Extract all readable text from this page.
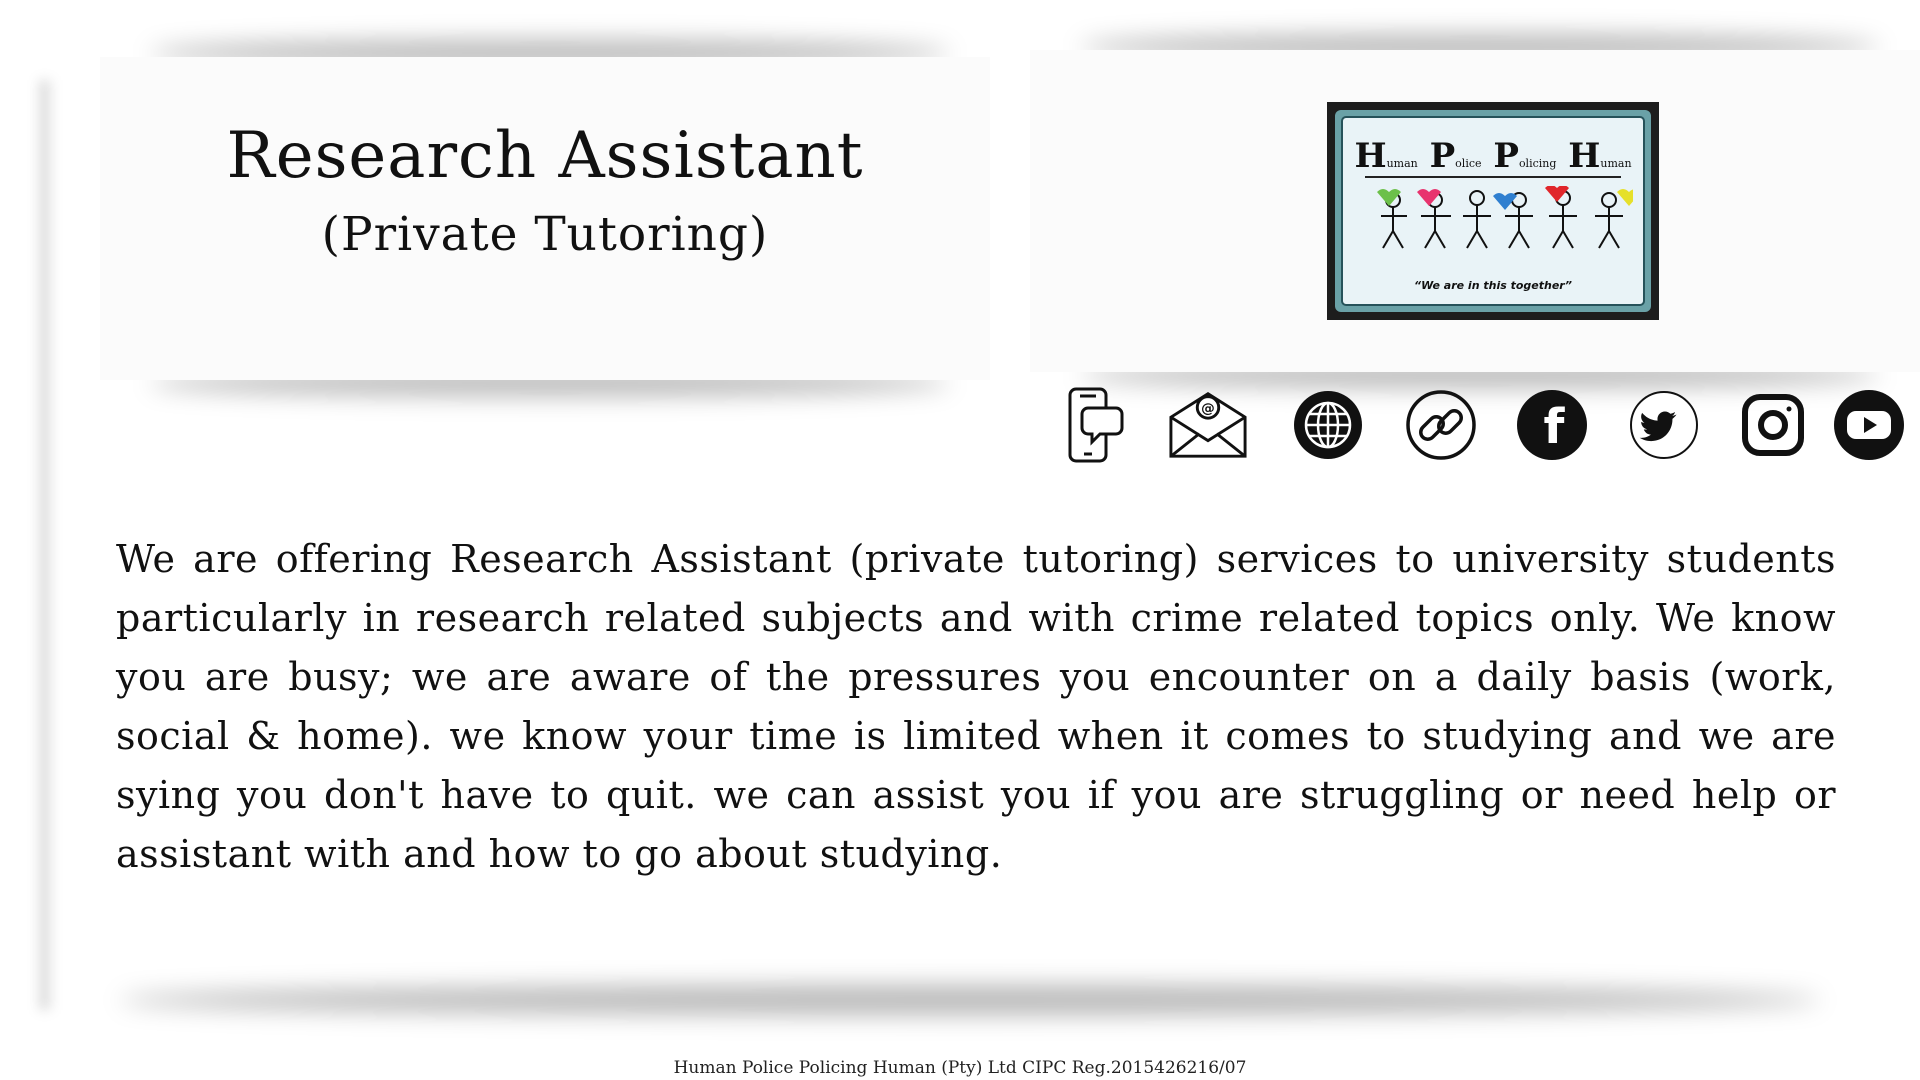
Research Assistant
(Private Tutoring)
Human Police Policing Human
“We are in this together”
@	f

We are offering Research Assistant (private tutoring) services to university students particularly in research related subjects and with crime related topics only. We know you are busy; we are aware of the pressures you encounter on a daily basis (work, social & home). we know your time is limited when it comes to studying and we are sying you don't have to quit. we can assist you if you are struggling or need help or assistant with and how to go about studying.

Human Police Policing Human (Pty) Ltd CIPC Reg.2015426216/07
